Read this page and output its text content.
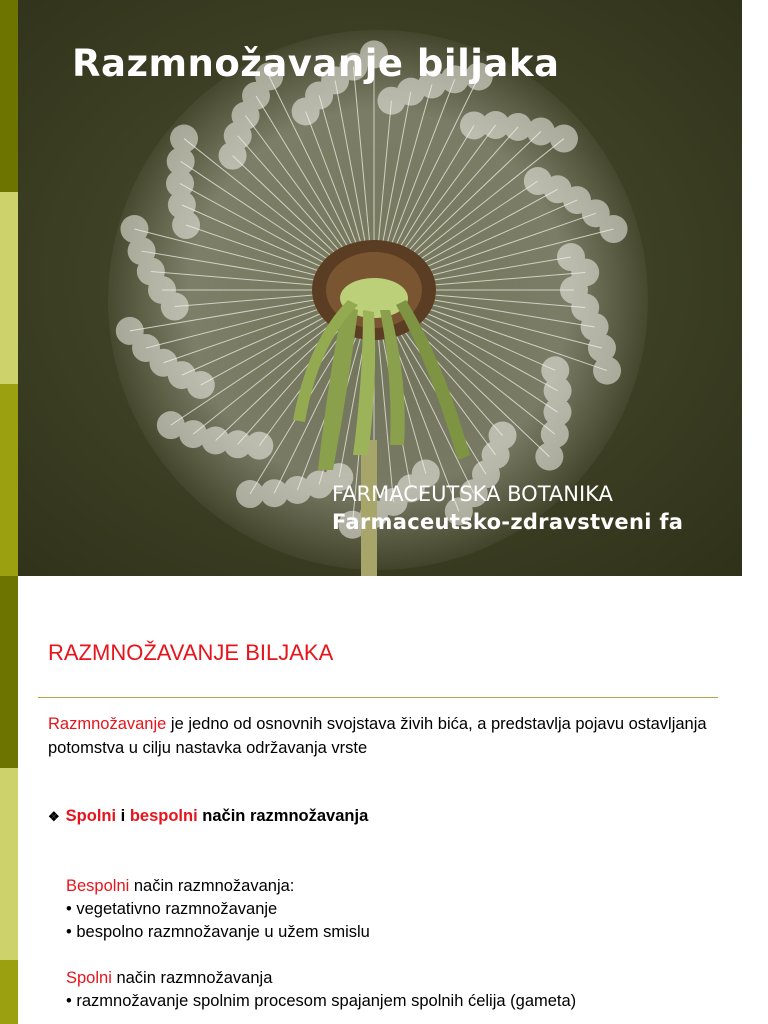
Razmnožavanje biljaka
FARMACEUTSKA BOTANIKA
Farmaceutsko-zdravstveni fa
RAZMNOŽAVANJE BILJAKA
Razmnožavanje je jedno od osnovnih svojstava živih bića, a predstavlja pojavu ostavljanja potomstva u cilju nastavka održavanja vrste
❖ Spolni i bespolni način razmnožavanja
Bespolni način razmnožavanja:
• vegetativno razmnožavanje
• bespolno razmnožavanje u užem smislu
Spolni način razmnožavanja
• razmnožavanje spolnim procesom spajanjem spolnih ćelija (gameta)
